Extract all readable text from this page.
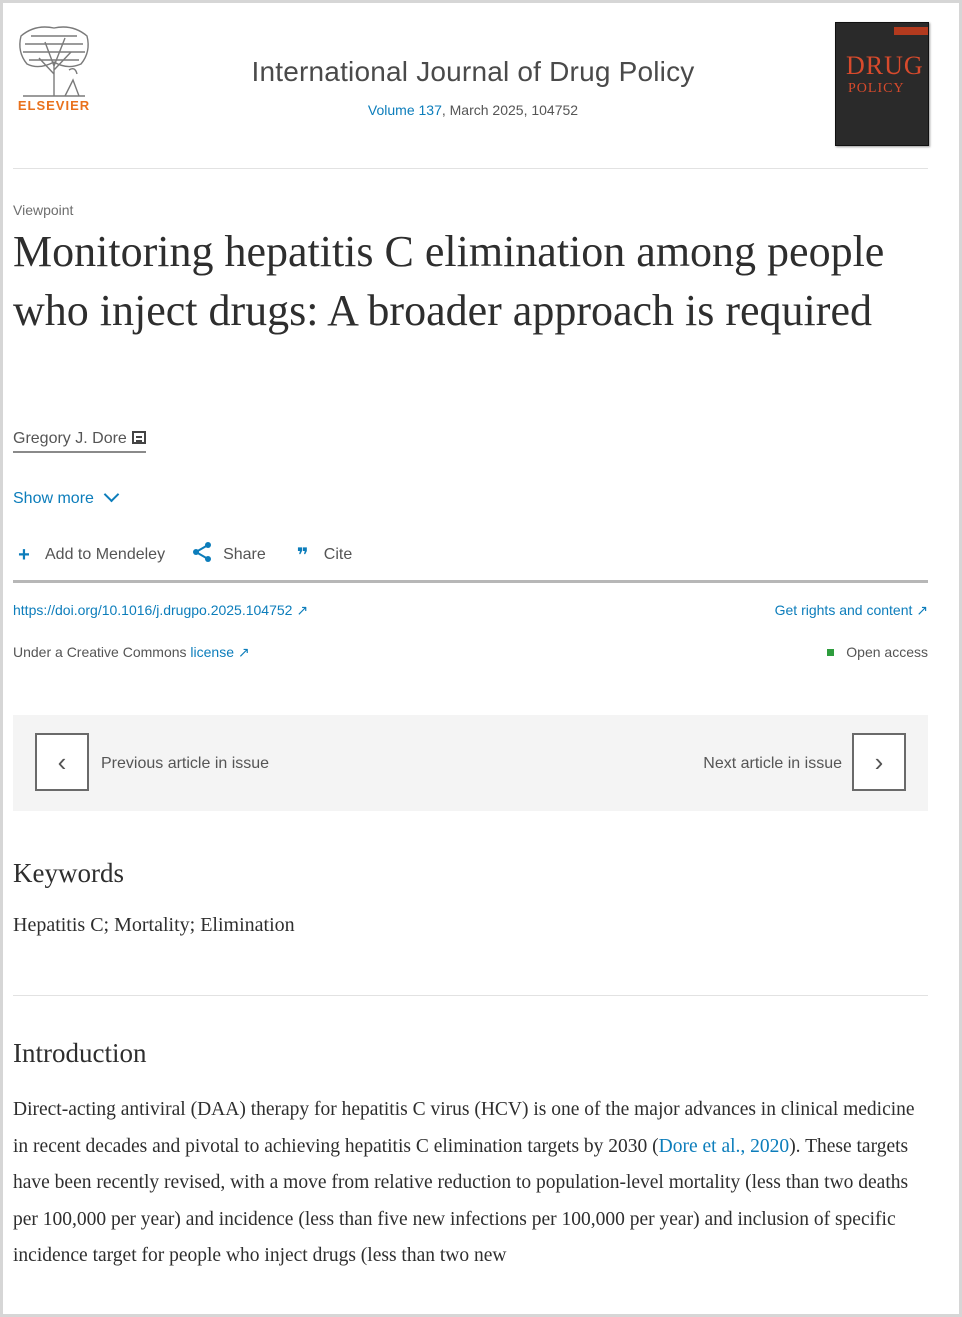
ELSEVIER
International Journal of Drug Policy
Volume 137, March 2025, 104752
DRUG
POLICY
Viewpoint
Monitoring hepatitis C elimination among people who inject drugs: A broader approach is required
Gregory J. Dore
Show more
+ Add to Mendeley	Share ❞ Cite
https://doi.org/10.1016/j.drugpo.2025.104752 ↗	Get rights and content ↗
Under a Creative Commons license ↗	Open access
‹ Previous article in issue	Next article in issue ›
Keywords
Hepatitis C; Mortality; Elimination
Introduction
Direct-acting antiviral (DAA) therapy for hepatitis C virus (HCV) is one of the major advances in clinical medicine in recent decades and pivotal to achieving hepatitis C elimination targets by 2030 (Dore et al., 2020). These targets have been recently revised, with a move from relative reduction to population-level mortality (less than two deaths per 100,000 per year) and incidence (less than five new infections per 100,000 per year) and inclusion of specific incidence target for people who inject drugs (less than two new
